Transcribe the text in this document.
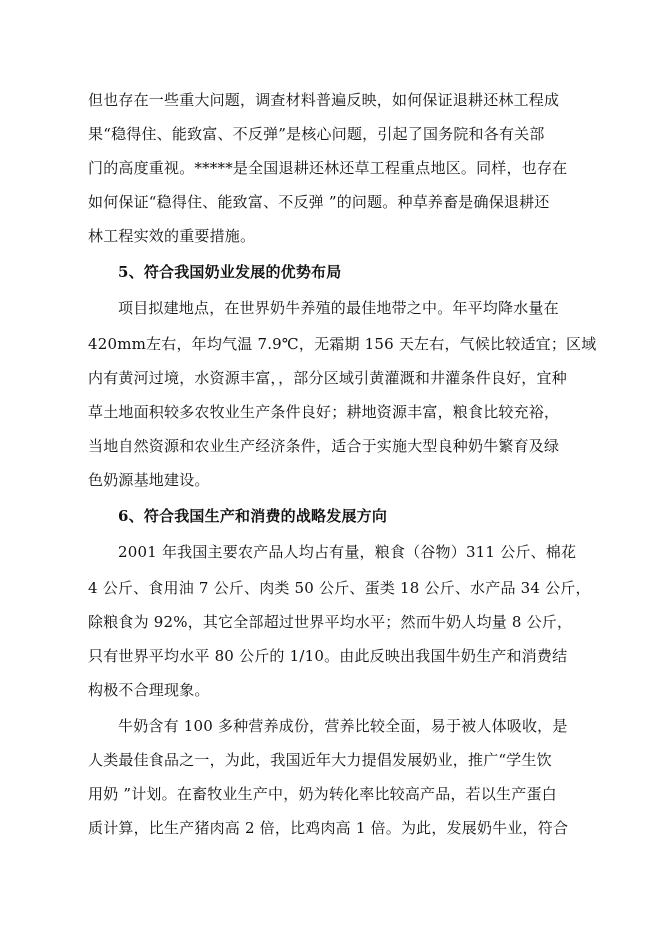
但也存在一些重大问题，调查材料普遍反映，如何保证退耕还林工程成
果“稳得住、能致富、不反弹”是核心问题，引起了国务院和各有关部
门的高度重视。*****是全国退耕还林还草工程重点地区。同样，也存在
如何保证“稳得住、能致富、不反弹 ”的问题。种草养畜是确保退耕还
林工程实效的重要措施。
5、符合我国奶业发展的优势布局
项目拟建地点，在世界奶牛养殖的最佳地带之中。年平均降水量在
420mm左右，年均气温 7.9℃，无霜期 156 天左右，气候比较适宜；区域
内有黄河过境，水资源丰富，，部分区域引黄灌溉和井灌条件良好，宜种
草土地面积较多农牧业生产条件良好；耕地资源丰富，粮食比较充裕，
当地自然资源和农业生产经济条件，适合于实施大型良种奶牛繁育及绿
色奶源基地建设。
6、符合我国生产和消费的战略发展方向
2001 年我国主要农产品人均占有量，粮食（谷物）311 公斤、棉花
4 公斤、食用油 7 公斤、肉类 50 公斤、蛋类 18 公斤、水产品 34 公斤，
除粮食为 92%，其它全部超过世界平均水平；然而牛奶人均量 8 公斤，
只有世界平均水平 80 公斤的 1/10。由此反映出我国牛奶生产和消费结
构极不合理现象。
牛奶含有 100 多种营养成份，营养比较全面，易于被人体吸收，是
人类最佳食品之一，为此，我国近年大力提倡发展奶业，推广“学生饮
用奶 ”计划。在畜牧业生产中，奶为转化率比较高产品，若以生产蛋白
质计算，比生产猪肉高 2 倍，比鸡肉高 1 倍。为此，发展奶牛业，符合
